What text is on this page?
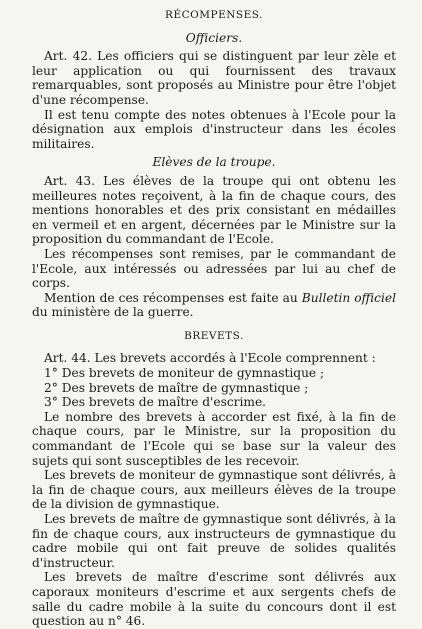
RÉCOMPENSES.
Officiers.

Art. 42. Les officiers qui se distinguent par leur zèle et leur application ou qui fournissent des travaux remarquables, sont proposés au Ministre pour être l'objet d'une récompense.

Il est tenu compte des notes obtenues à l'Ecole pour la désignation aux emplois d'instructeur dans les écoles militaires.

Elèves de la troupe.

Art. 43. Les élèves de la troupe qui ont obtenu les meilleures notes reçoivent, à la fin de chaque cours, des mentions honorables et des prix consistant en médailles en vermeil et en argent, décernées par le Ministre sur la proposition du commandant de l'Ecole.

Les récompenses sont remises, par le commandant de l'Ecole, aux intéressés ou adressées par lui au chef de corps.

Mention de ces récompenses est faite au Bulletin officiel du ministère de la guerre.

BREVETS.

Art. 44. Les brevets accordés à l'Ecole comprennent :

1° Des brevets de moniteur de gymnastique ;
2° Des brevets de maître de gymnastique ;
3° Des brevets de maître d'escrime.

Le nombre des brevets à accorder est fixé, à la fin de chaque cours, par le Ministre, sur la proposition du commandant de l'Ecole qui se base sur la valeur des sujets qui sont susceptibles de les recevoir.

Les brevets de moniteur de gymnastique sont délivrés, à la fin de chaque cours, aux meilleurs élèves de la troupe de la division de gymnastique.

Les brevets de maître de gymnastique sont délivrés, à la fin de chaque cours, aux instructeurs de gymnastique du cadre mobile qui ont fait preuve de solides qualités d'instructeur.

Les brevets de maître d'escrime sont délivrés aux caporaux moniteurs d'escrime et aux sergents chefs de salle du cadre mobile à la suite du concours dont il est question au n° 46.
